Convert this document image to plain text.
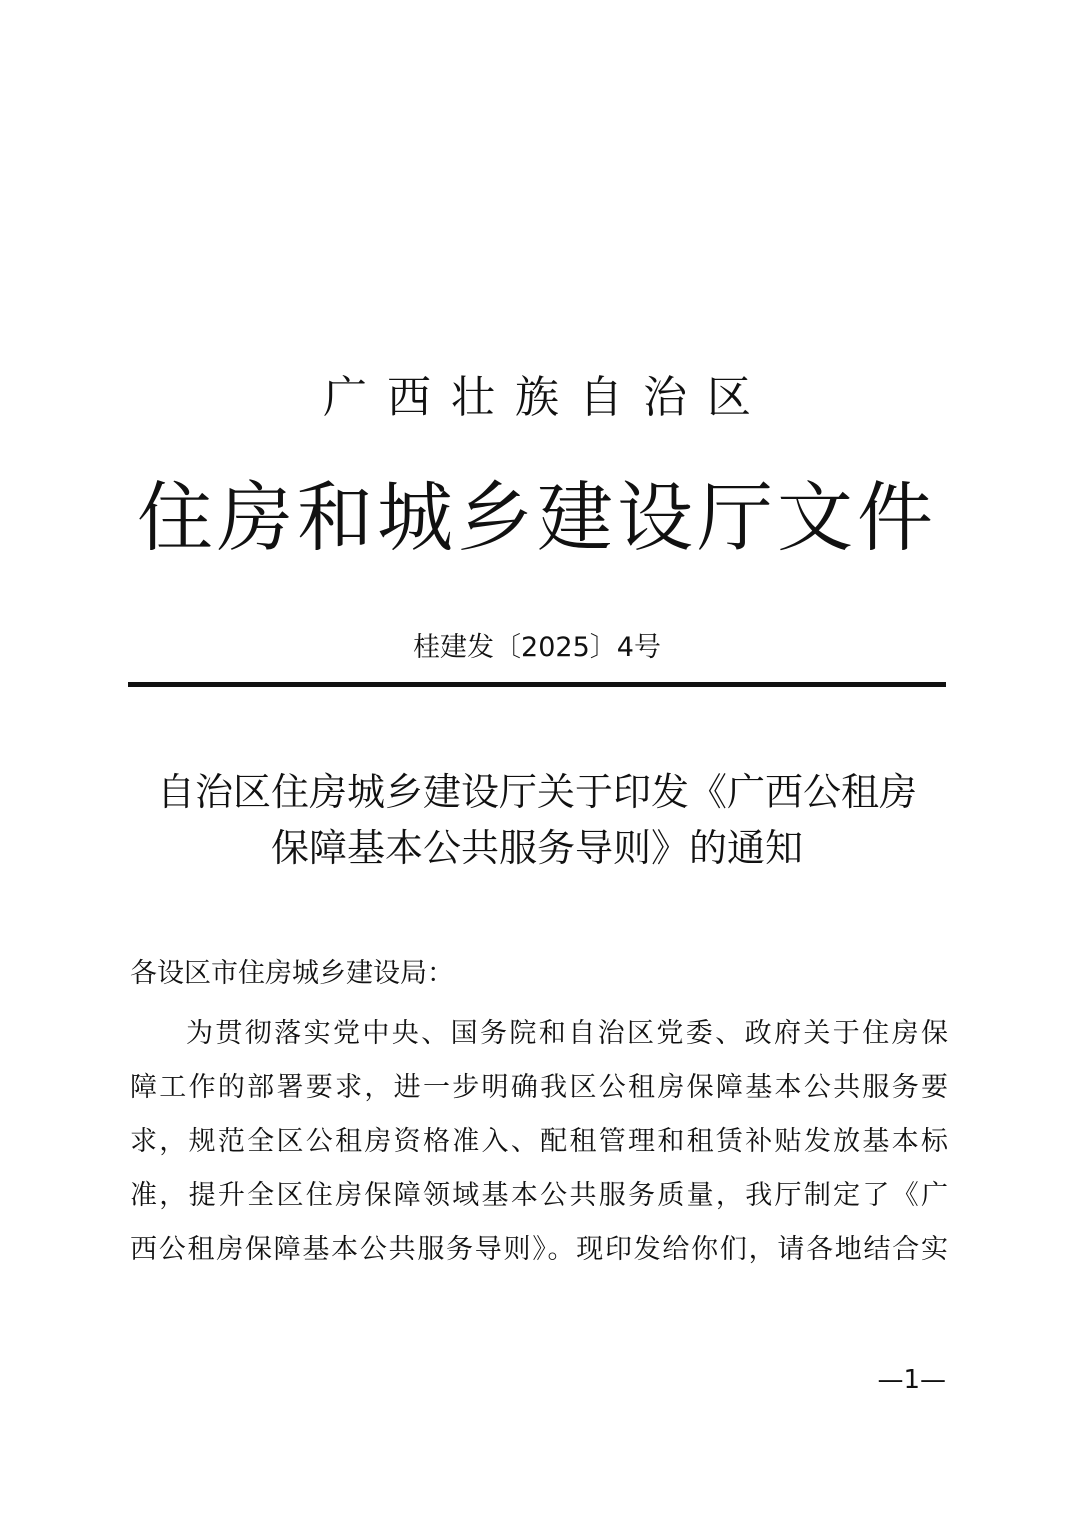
广西壮族自治区
住房和城乡建设厅文件
桂建发〔2025〕4号
自治区住房城乡建设厅关于印发《广西公租房
保障基本公共服务导则》的通知
各设区市住房城乡建设局：
为贯彻落实党中央、国务院和自治区党委、政府关于住房保
障工作的部署要求，进一步明确我区公租房保障基本公共服务要
求，规范全区公租房资格准入、配租管理和租赁补贴发放基本标
准，提升全区住房保障领域基本公共服务质量，我厅制定了《广
西公租房保障基本公共服务导则》。现印发给你们，请各地结合实
—1—
